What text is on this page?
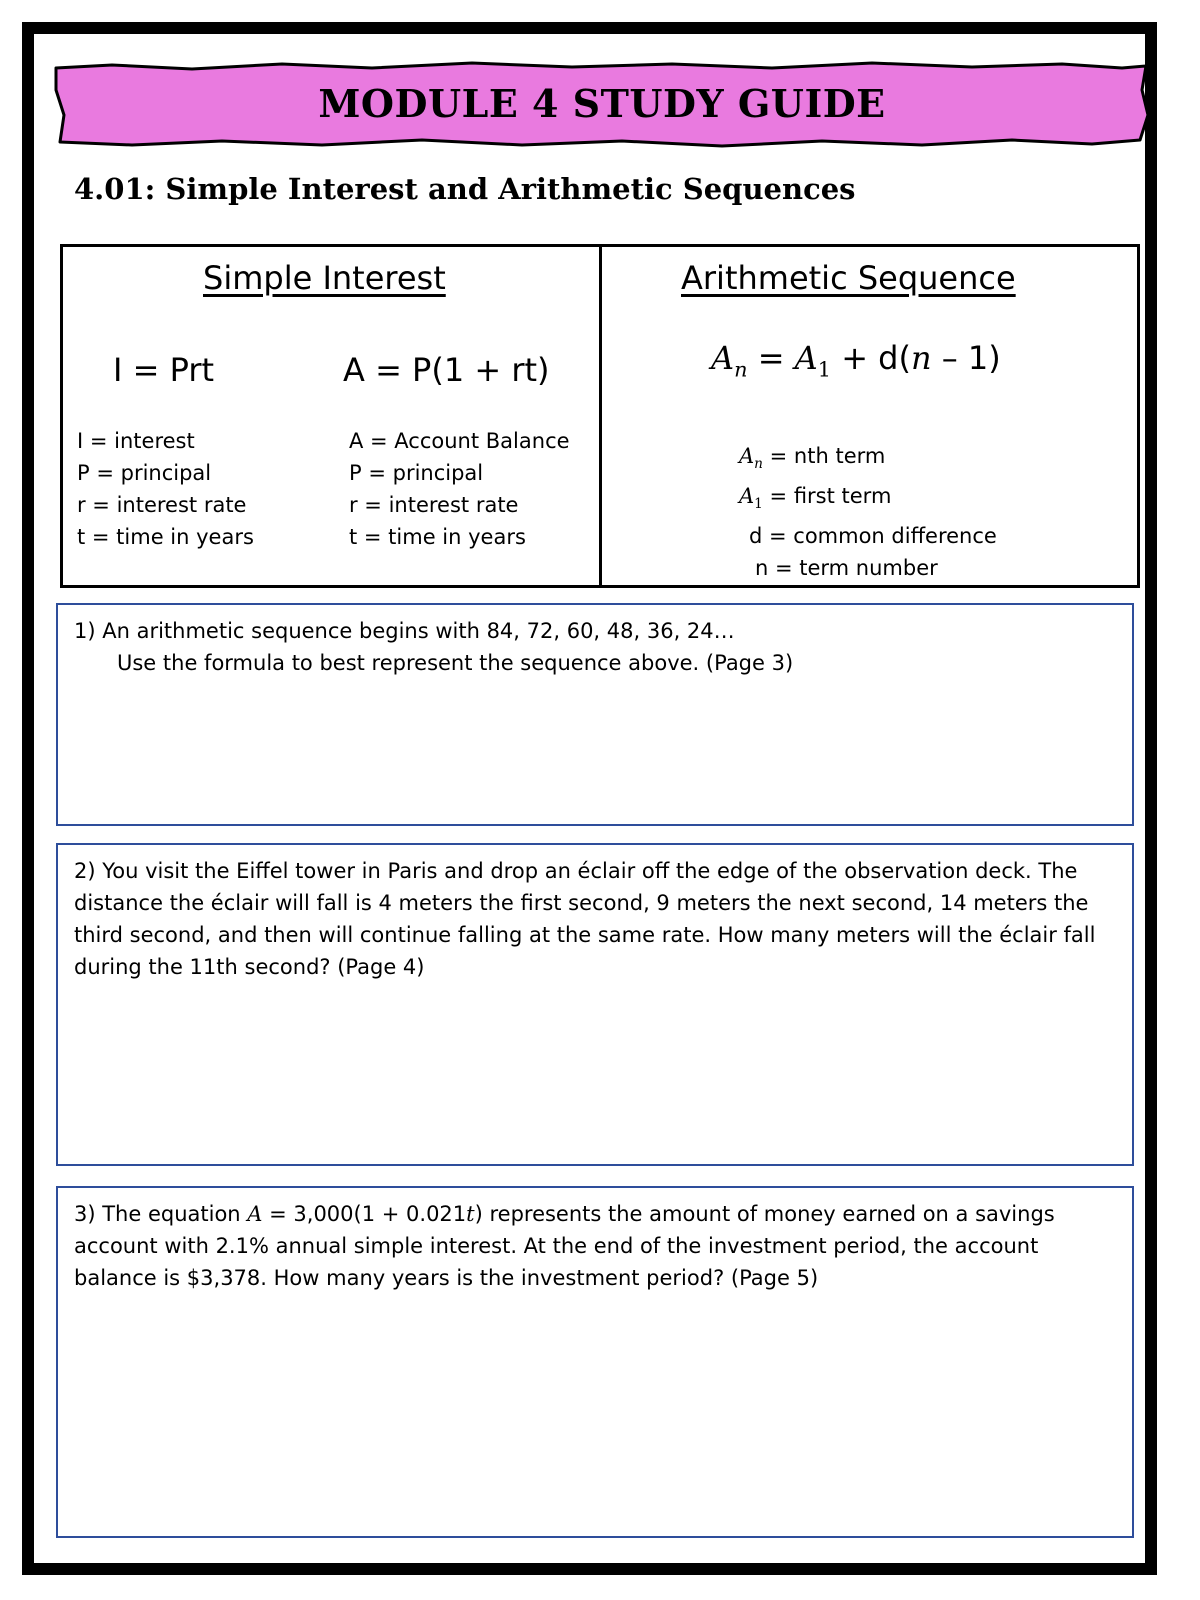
MODULE 4 STUDY GUIDE
4.01: Simple Interest and Arithmetic Sequences
Simple Interest
I = Prt	A = P(1 + rt)
I = interest
P = principal
r = interest rate
t = time in years
A = Account Balance
P = principal
r = interest rate
t = time in years
Arithmetic Sequence
$A_n = A_1 + d(n - 1)$
$A_n$ = nth term
$A_1$ = first term
d = common difference
n = term number
1) An arithmetic sequence begins with 84, 72, 60, 48, 36, 24…
Use the formula to best represent the sequence above. (Page 3)
2) You visit the Eiffel tower in Paris and drop an éclair off the edge of the observation deck. The distance the éclair will fall is 4 meters the first second, 9 meters the next second, 14 meters the third second, and then will continue falling at the same rate. How many meters will the éclair fall during the 11th second? (Page 4)
3) The equation A = 3,000(1 + 0.021t) represents the amount of money earned on a savings account with 2.1% annual simple interest. At the end of the investment period, the account balance is $3,378. How many years is the investment period? (Page 5)
